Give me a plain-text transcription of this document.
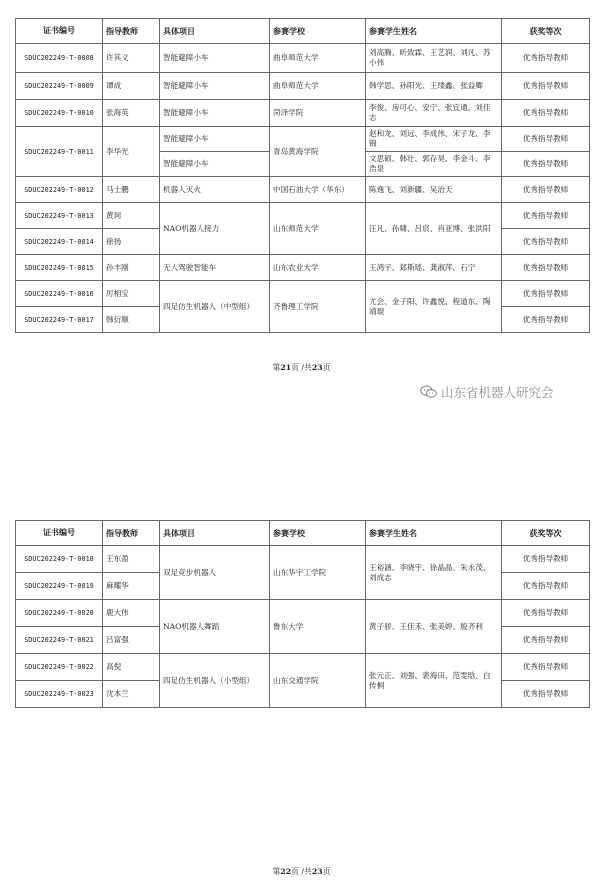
证书编号	指导教师	具体项目	参赛学校	参赛学生姓名	获奖等次
SDUC202249-T-0008	许其义	智能避障小车	曲阜师范大学	刘高腾、昕致霖、王艺润、刘凡、苏小伟	优秀指导教师
SDUC202249-T-0009	谭成	智能避障小车	曲阜师范大学	韩学思、孙阳光、王缕鑫、张益卿	优秀指导教师
SDUC202249-T-0010	张海英	智能避障小车	菏泽学院	李俊、房可心、安宁、张宜通、刘佳志	优秀指导教师
SDUC202249-T-0011	李华光	智能避障小车	青岛黄海学院	赵和龙、刘远、李成伟、宋子龙、李锦	优秀指导教师
		智能避障小车		文思硕、韩壮、郭存昊、李金斗、李浩泉	优秀指导教师
SDUC202249-T-0012	马士鹏	机器人灭火	中国石油大学（华东）	陈逸飞、刘新疆、吴治天	优秀指导教师
SDUC202249-T-0013	黄珂	NAO机器人接力	山东师范大学	汪凡、孙啸、吕宸、肖亚博、张洪阳	优秀指导教师
SDUC202249-T-0014	徐扬				优秀指导教师
SDUC202249-T-0015	孙丰刚	无人驾驶智能车	山东农业大学	王鸿宇、郑斯瑶、龚淑萍、石宁	优秀指导教师
SDUC202249-T-0016	厉相宝	四足仿生机器人（中型组）	齐鲁理工学院	尤会、金子阳、许鑫悦、程道东、陶靖琨	优秀指导教师
SDUC202249-T-0017	韩衍顺				优秀指导教师
第21页 /共23页
山东省机器人研究会
证书编号	指导教师	具体项目	参赛学校	参赛学生姓名	获奖等次
SDUC202249-T-0018	王东盈	双足竞步机器人	山东华宇工学院	王裕涵、李晓宇、徐晶晶、朱永茂、刘成志	优秀指导教师
SDUC202249-T-0019	麻耀华				优秀指导教师
SDUC202249-T-0020	鹿大伟	NAO机器人舞蹈	鲁东大学	黄子骄、王佳禾、张美婷、殷齐利	优秀指导教师
SDUC202249-T-0021	吕富强				优秀指导教师
SDUC202249-T-0022	高倪	四足仿生机器人（小型组）	山东交通学院	张元正、刘强、裴海田、范雯晗、白传桐	优秀指导教师
SDUC202249-T-0023	沈本兰				优秀指导教师
第22页 /共23页
